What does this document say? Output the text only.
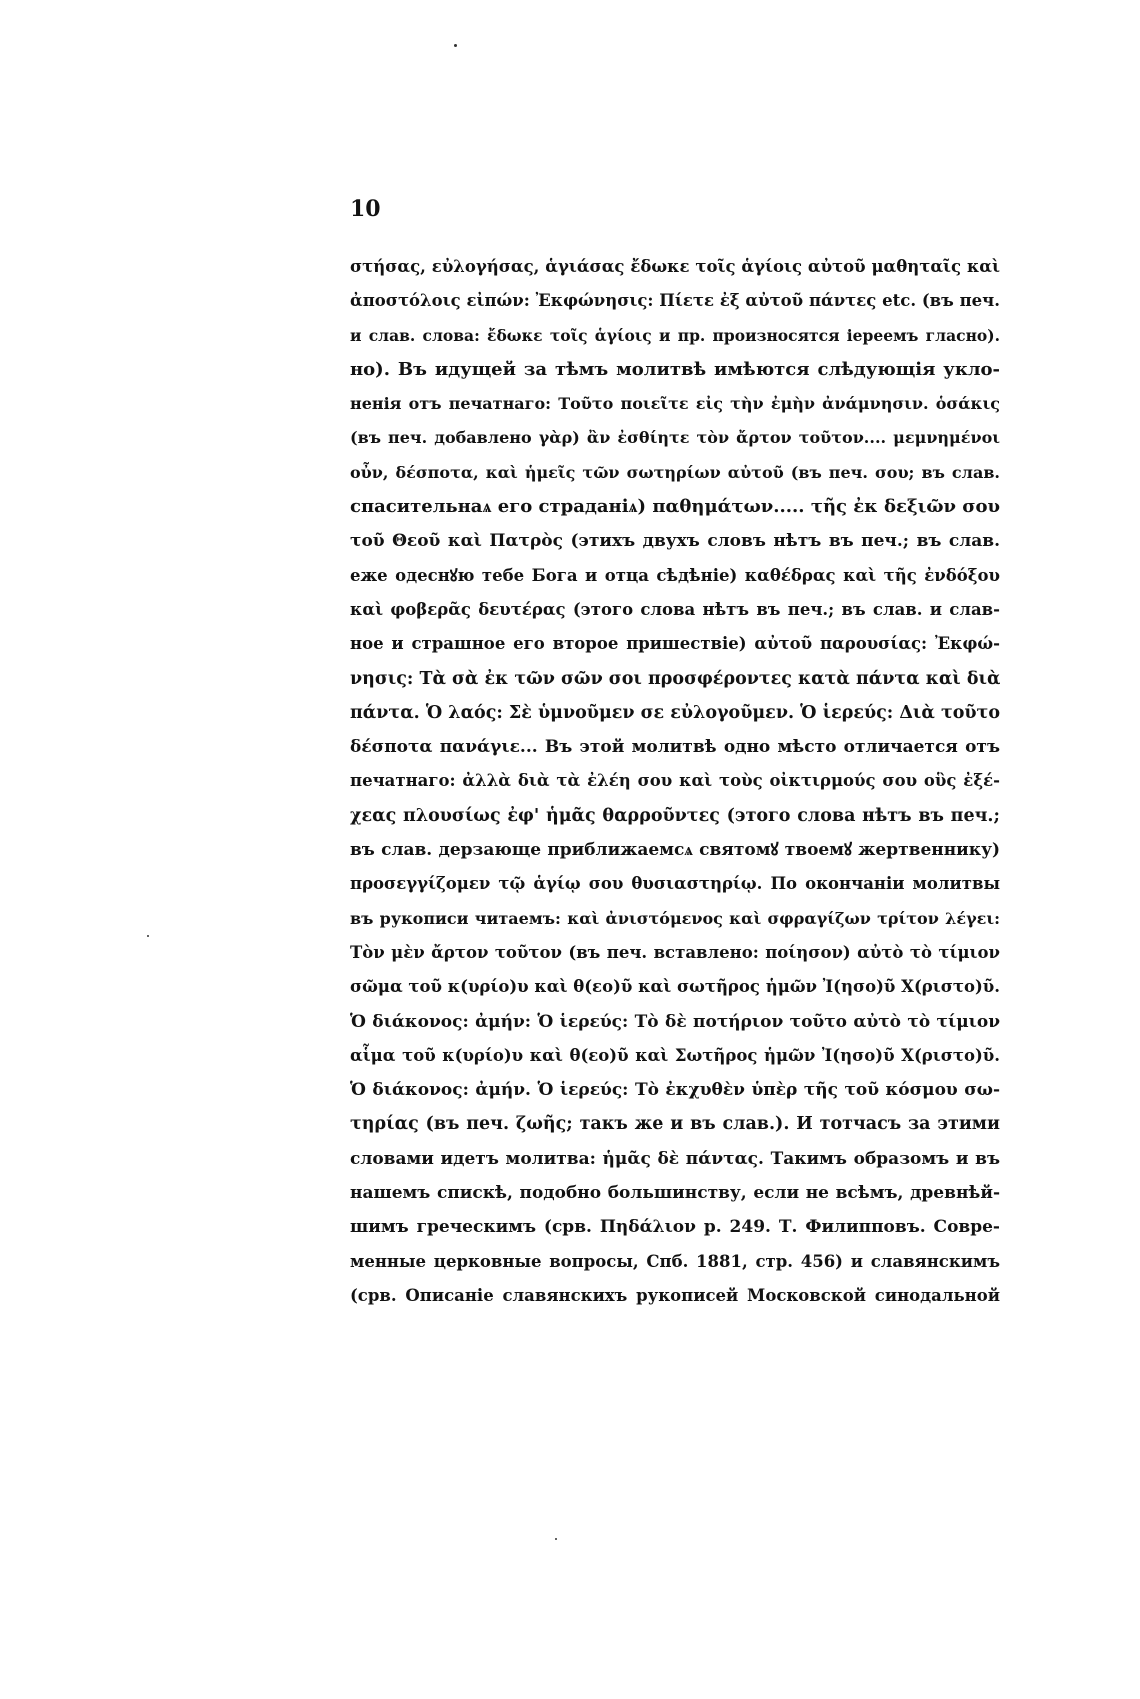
10
στήσας, εὐλογήσας, ἁγιάσας ἔδωκε τοῖς ἁγίοις αὐτοῦ μαθηταῖς καὶ
ἀποστόλοις εἰπών: Ἐκφώνησις: Πίετε ἐξ αὐτοῦ πάντες etc. (въ печ.
и слав. слова: ἔδωκε τοῖς ἁγίοις и пр. произносятся iереемъ гласно).
но). Въ идущей за тѣмъ молитвѣ имѣются слѣдующiя укло-
ненiя отъ печатнаго: Τοῦτο ποιεῖτε εἰς τὴν ἐμὴν ἀνάμνησιν. ὁσάκις
(въ печ. добавлено γὰρ) ἂν ἐσθίητε τὸν ἄρτον τοῦτον.... μεμνημένοι
οὖν, δέσποτα, καὶ ἡμεῖς τῶν σωτηρίων αὐτοῦ (въ печ. σου; въ слав.
спасительнаѧ его страданiѧ) παθημάτων..... τῆς ἐκ δεξιῶν σου
τοῦ Θεοῦ καὶ Πατρὸς (этихъ двухъ словъ нѣтъ въ печ.; въ слав.
еже одеснꙋю тебе Бога и отца сѣдѣнiе) καθέδρας καὶ τῆς ἐνδόξου
καὶ φοβερᾶς δευτέρας (этого слова нѣтъ въ печ.; въ слав. и слав-
ное и страшное его второе пришествiе) αὐτοῦ παρουσίας: Ἐκφώ-
νησις: Τὰ σὰ ἐκ τῶν σῶν σοι προσφέροντες κατὰ πάντα καὶ διὰ
πάντα. Ὁ λαός: Σὲ ὑμνοῦμεν σε εὐλογοῦμεν. Ὁ ἱερεύς: Διὰ τοῦτο
δέσποτα πανάγιε... Въ этой молитвѣ одно мѣсто отличается отъ
печатнаго: ἀλλὰ διὰ τὰ ἐλέη σου καὶ τοὺς οἰκτιρμούς σου οὓς ἐξέ-
χεας πλουσίως ἐφ' ἡμᾶς θαρροῦντες (этого слова нѣтъ въ печ.;
въ слав. дерзающе приближаемсѧ святомꙋ твоемꙋ жертвеннику)
προσεγγίζομεν τῷ ἁγίῳ σου θυσιαστηρίῳ. По окончанiи молитвы
въ рукописи читаемъ: καὶ ἀνιστόμενος καὶ σφραγίζων τρίτον λέγει:
Τὸν μὲν ἄρτον τοῦτον (въ печ. вставлено: ποίησον) αὐτὸ τὸ τίμιον
σῶμα τοῦ κ(υρίο)υ καὶ θ(εο)ῦ καὶ σωτῆρος ἡμῶν Ἰ(ησο)ῦ Χ(ριστο)ῦ.
Ὁ διάκονος: ἀμήν: Ὁ ἱερεύς: Τὸ δὲ ποτήριον τοῦτο αὐτὸ τὸ τίμιον
αἷμα τοῦ κ(υρίο)υ καὶ θ(εο)ῦ καὶ Σωτῆρος ἡμῶν Ἰ(ησο)ῦ Χ(ριστο)ῦ.
Ὁ διάκονος: ἀμήν. Ὁ ἱερεύς: Τὸ ἐκχυθὲν ὑπὲρ τῆς τοῦ κόσμου σω-
τηρίας (въ печ. ζωῆς; такъ же и въ слав.). И тотчасъ за этими
словами идетъ молитва: ἡμᾶς δὲ πάντας. Такимъ образомъ и въ
нашемъ спискѣ, подобно большинству, если не всѣмъ, древнѣй-
шимъ греческимъ (срв. Πηδάλιον p. 249. Т. Филипповъ. Совре-
менные церковные вопросы, Спб. 1881, стр. 456) и славянскимъ
(срв. Описанiе славянскихъ рукописей Московской синодальной
